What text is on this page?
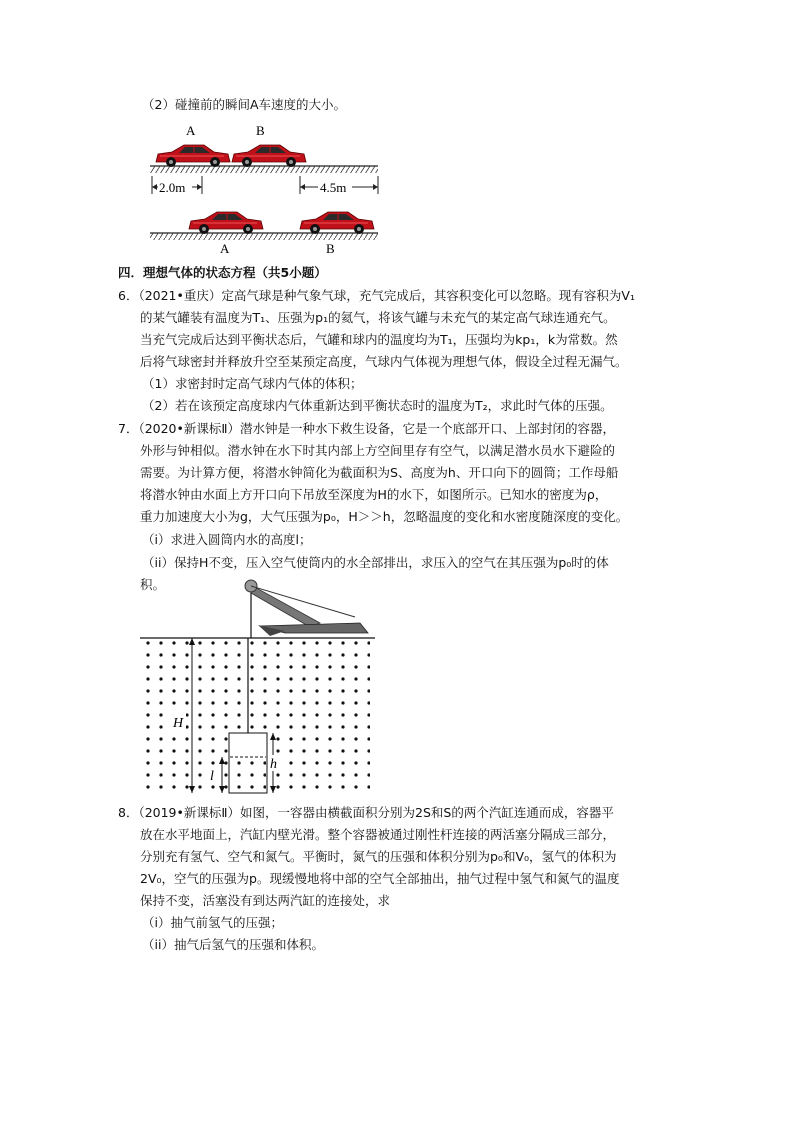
（2）碰撞前的瞬间A车速度的大小。
A	B
2.0m	4.5m
A	B
四．理想气体的状态方程（共5小题）
6．（2021•重庆）定高气球是种气象气球，充气完成后，其容积变化可以忽略。现有容积为V₁
的某气罐装有温度为T₁、压强为p₁的氦气，将该气罐与未充气的某定高气球连通充气。
当充气完成后达到平衡状态后，气罐和球内的温度均为T₁，压强均为kp₁，k为常数。然
后将气球密封并释放升空至某预定高度，气球内气体视为理想气体，假设全过程无漏气。
（1）求密封时定高气球内气体的体积；
（2）若在该预定高度球内气体重新达到平衡状态时的温度为T₂，求此时气体的压强。
7．（2020•新课标Ⅱ）潜水钟是一种水下救生设备，它是一个底部开口、上部封闭的容器，
外形与钟相似。潜水钟在水下时其内部上方空间里存有空气，以满足潜水员水下避险的
需要。为计算方便，将潜水钟简化为截面积为S、高度为h、开口向下的圆筒；工作母船
将潜水钟由水面上方开口向下吊放至深度为H的水下，如图所示。已知水的密度为ρ，
重力加速度大小为g，大气压强为p₀，H＞＞h，忽略温度的变化和水密度随深度的变化。
（i）求进入圆筒内水的高度l；
（ii）保持H不变，压入空气使筒内的水全部排出，求压入的空气在其压强为p₀时的体
积。
H
h
l
8．（2019•新课标Ⅱ）如图，一容器由横截面积分别为2S和S的两个汽缸连通而成，容器平
放在水平地面上，汽缸内壁光滑。整个容器被通过刚性杆连接的两活塞分隔成三部分，
分别充有氢气、空气和氮气。平衡时，氮气的压强和体积分别为p₀和V₀，氢气的体积为
2V₀，空气的压强为p。现缓慢地将中部的空气全部抽出，抽气过程中氢气和氮气的温度
保持不变，活塞没有到达两汽缸的连接处，求
（i）抽气前氢气的压强；
（ii）抽气后氢气的压强和体积。
